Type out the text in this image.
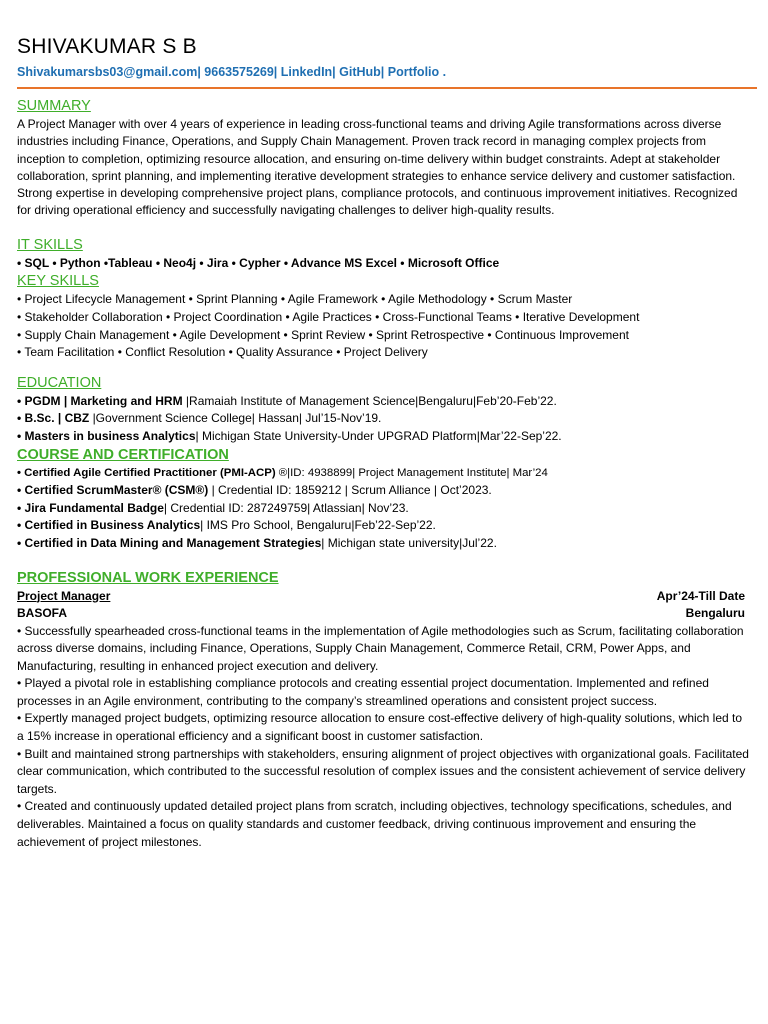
SHIVAKUMAR S B
Shivakumarsbs03@gmail.com| 9663575269| LinkedIn| GitHub| Portfolio .
SUMMARY

A Project Manager with over 4 years of experience in leading cross-functional teams and driving Agile transformations across diverse industries including Finance, Operations, and Supply Chain Management. Proven track record in managing complex projects from inception to completion, optimizing resource allocation, and ensuring on-time delivery within budget constraints. Adept at stakeholder collaboration, sprint planning, and implementing iterative development strategies to enhance service delivery and customer satisfaction. Strong expertise in developing comprehensive project plans, compliance protocols, and continuous improvement initiatives. Recognized for driving operational efficiency and successfully navigating challenges to deliver high-quality results.

IT SKILLS
• SQL • Python •Tableau • Neo4j • Jira • Cypher • Advance MS Excel • Microsoft Office
KEY SKILLS
• Project Lifecycle Management • Sprint Planning • Agile Framework • Agile Methodology • Scrum Master
• Stakeholder Collaboration • Project Coordination • Agile Practices • Cross-Functional Teams • Iterative Development
• Supply Chain Management • Agile Development • Sprint Review • Sprint Retrospective • Continuous Improvement
• Team Facilitation • Conflict Resolution • Quality Assurance • Project Delivery
EDUCATION
• PGDM | Marketing and HRM |Ramaiah Institute of Management Science|Bengaluru|Feb’20-Feb’22.
• B.Sc. | CBZ |Government Science College| Hassan| Jul’15-Nov’19.
• Masters in business Analytics| Michigan State University-Under UPGRAD Platform|Mar’22-Sep’22.
COURSE AND CERTIFICATION
• Certified Agile Certified Practitioner (PMI-ACP) ®|ID: 4938899| Project Management Institute| Mar’24
• Certified ScrumMaster® (CSM®) | Credential ID: 1859212 | Scrum Alliance | Oct’2023.
• Jira Fundamental Badge| Credential ID: 287249759| Atlassian| Nov’23.
• Certified in Business Analytics| IMS Pro School, Bengaluru|Feb’22-Sep’22.
• Certified in Data Mining and Management Strategies| Michigan state university|Jul’22.
PROFESSIONAL WORK EXPERIENCE
Project Manager	Apr’24-Till Date
BASOFA	Bengaluru

• Successfully spearheaded cross-functional teams in the implementation of Agile methodologies such as Scrum, facilitating collaboration across diverse domains, including Finance, Operations, Supply Chain Management, Commerce Retail, CRM, Power Apps, and Manufacturing, resulting in enhanced project execution and delivery.

• Played a pivotal role in establishing compliance protocols and creating essential project documentation. Implemented and refined processes in an Agile environment, contributing to the company’s streamlined operations and consistent project success.

• Expertly managed project budgets, optimizing resource allocation to ensure cost-effective delivery of high-quality solutions, which led to a 15% increase in operational efficiency and a significant boost in customer satisfaction.

• Built and maintained strong partnerships with stakeholders, ensuring alignment of project objectives with organizational goals. Facilitated clear communication, which contributed to the successful resolution of complex issues and the consistent achievement of service delivery targets.

• Created and continuously updated detailed project plans from scratch, including objectives, technology specifications, schedules, and deliverables. Maintained a focus on quality standards and customer feedback, driving continuous improvement and ensuring the achievement of project milestones.
